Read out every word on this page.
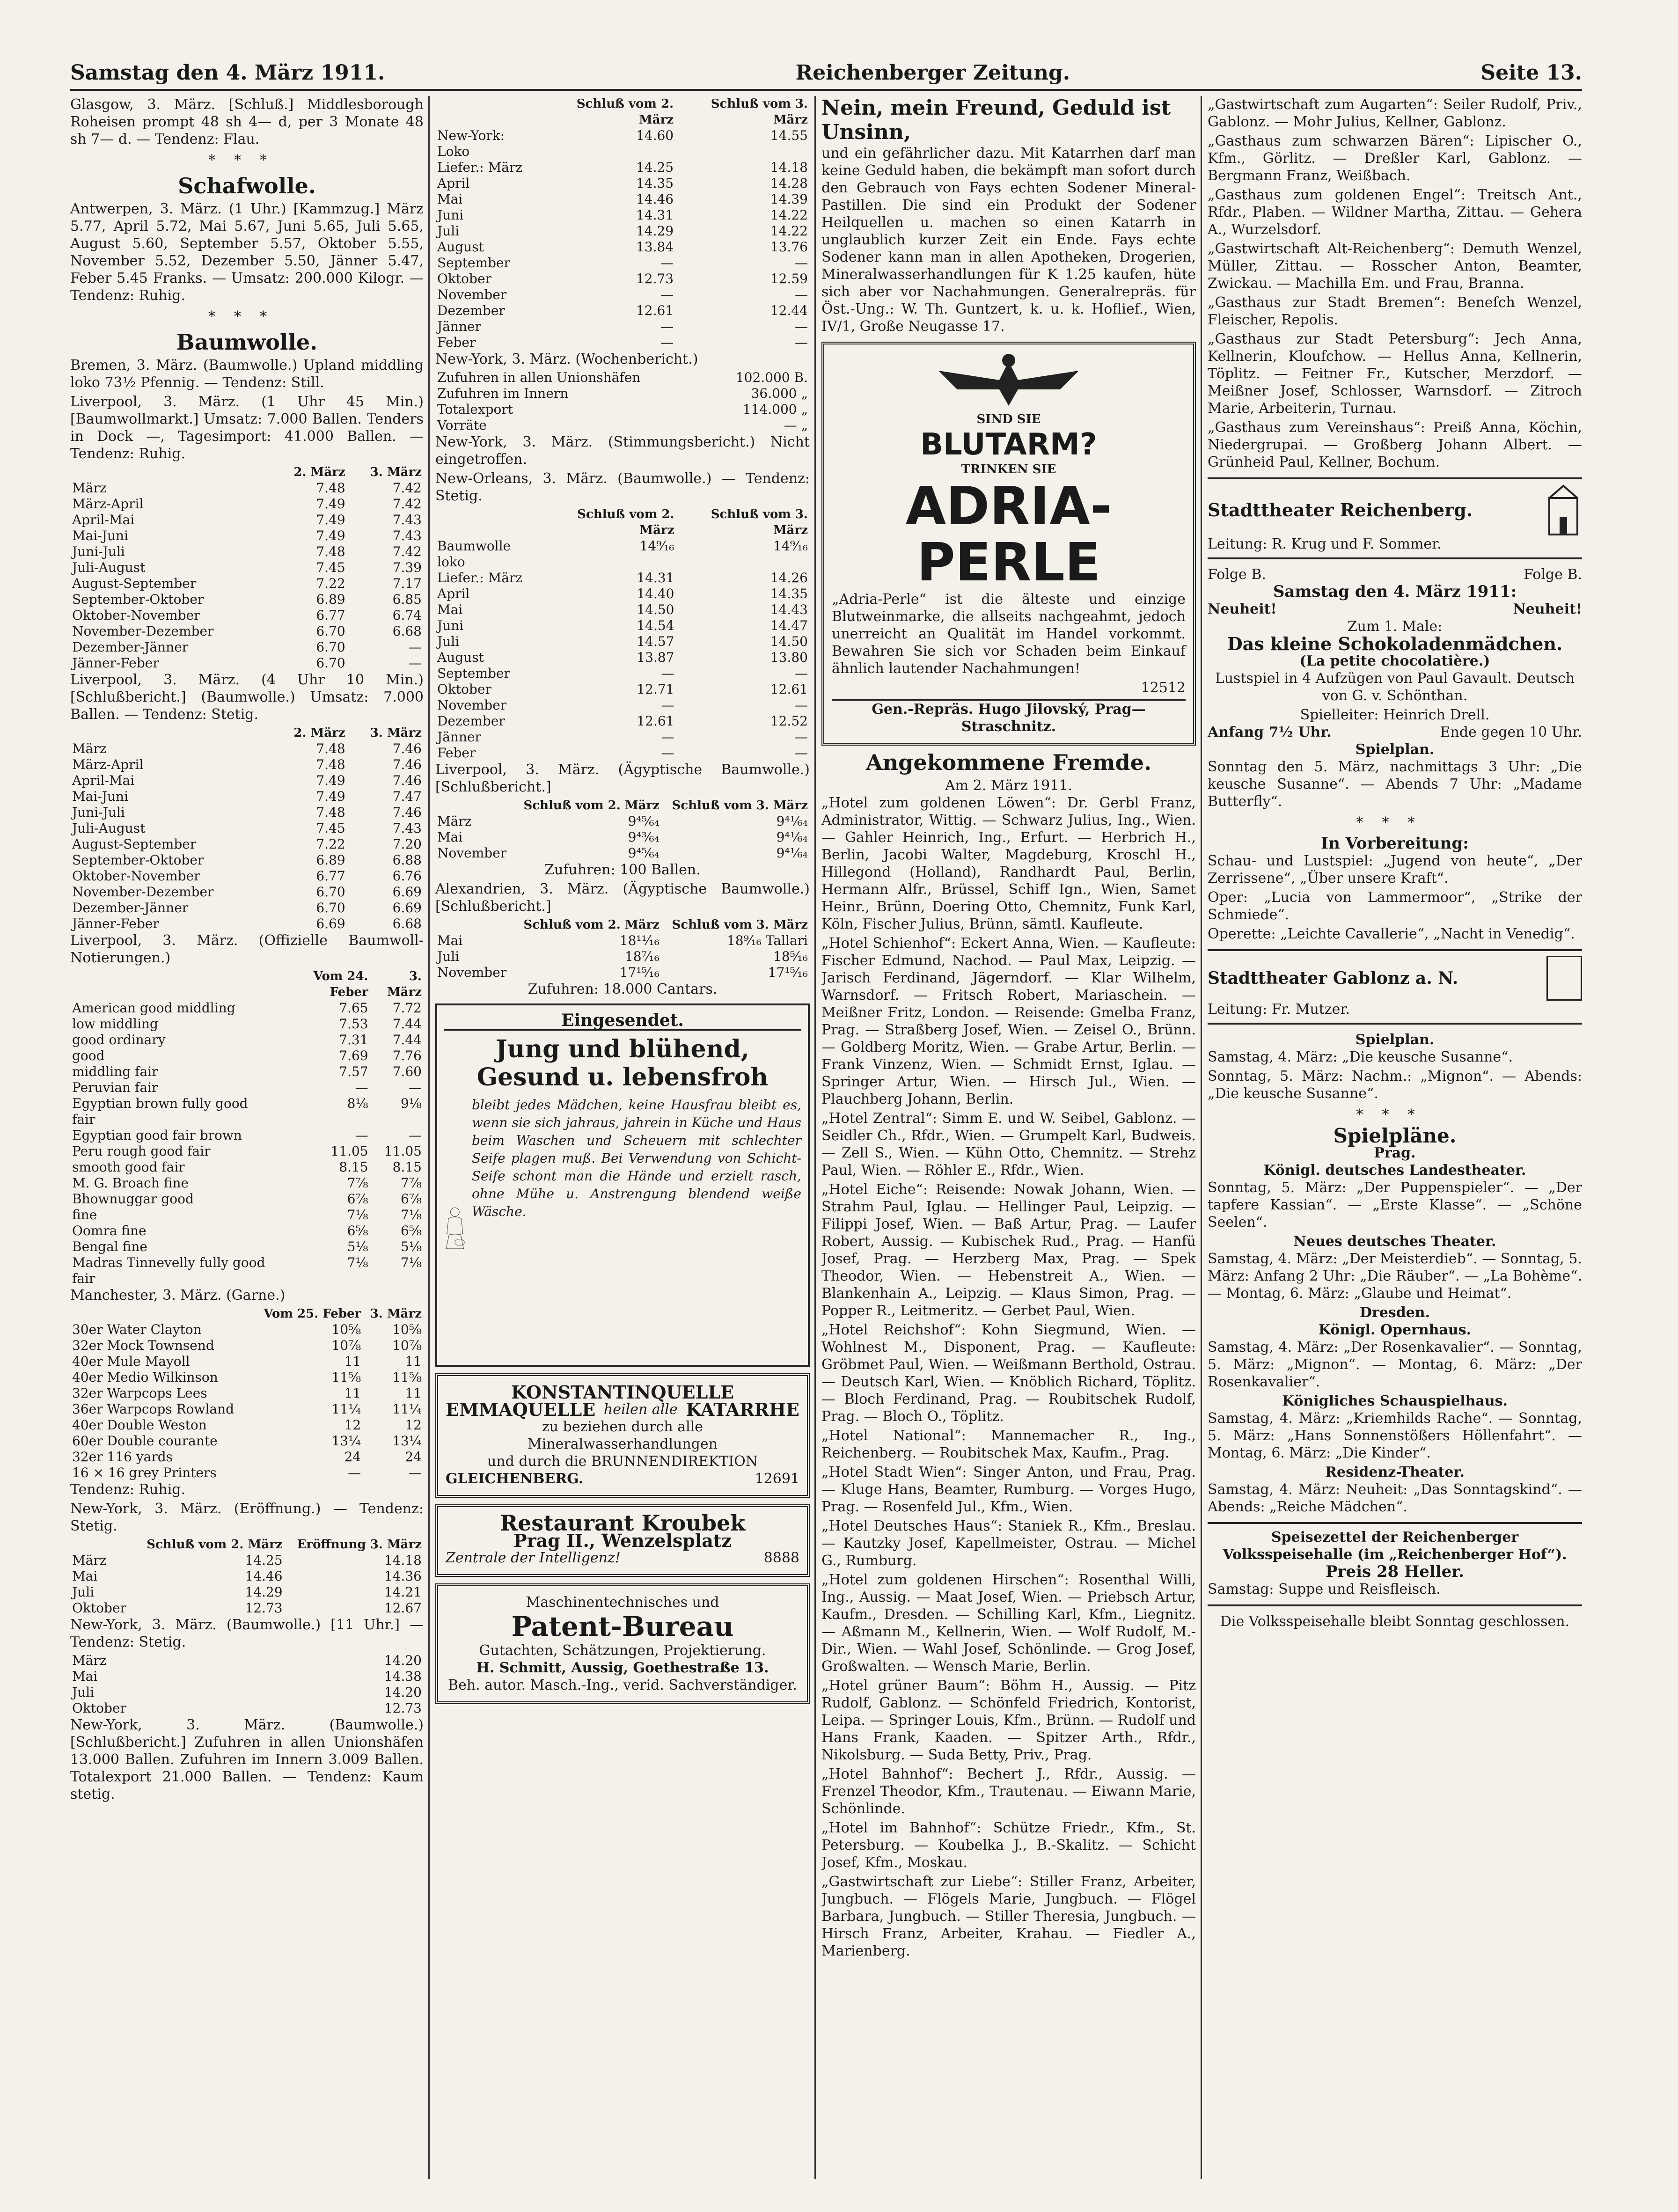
Samstag den 4. März 1911.	Reichenberger Zeitung.	Seite 13.

Glasgow, 3. März. [Schluß.] Middlesborough Roheisen prompt 48 sh 4— d, per 3 Monate 48 sh 7— d. — Tendenz: Flau.

***
Schafwolle.

Antwerpen, 3. März. (1 Uhr.) [Kammzug.] März 5.77, April 5.72, Mai 5.67, Juni 5.65, Juli 5.65, August 5.60, September 5.57, Oktober 5.55, November 5.52, Dezember 5.50, Jänner 5.47, Feber 5.45 Franks. — Umsatz: 200.000 Kilogr. — Tendenz: Ruhig.

***
Baumwolle.

Bremen, 3. März. (Baumwolle.) Upland middling loko 73½ Pfennig. — Tendenz: Still.

Liverpool, 3. März. (1 Uhr 45 Min.) [Baumwollmarkt.] Umsatz: 7.000 Ballen. Tenders in Dock —, Tagesimport: 41.000 Ballen. — Tendenz: Ruhig.

	2. März	3. März
März	7.48	7.42
März-April	7.49	7.42
April-Mai	7.49	7.43
Mai-Juni	7.49	7.43
Juni-Juli	7.48	7.42
Juli-August	7.45	7.39
August-September	7.22	7.17
September-Oktober	6.89	6.85
Oktober-November	6.77	6.74
November-Dezember	6.70	6.68
Dezember-Jänner	6.70	—
Jänner-Feber	6.70	—

Liverpool, 3. März. (4 Uhr 10 Min.) [Schlußbericht.] (Baumwolle.) Umsatz: 7.000 Ballen. — Tendenz: Stetig.

	2. März	3. März
März	7.48	7.46
März-April	7.48	7.46
April-Mai	7.49	7.46
Mai-Juni	7.49	7.47
Juni-Juli	7.48	7.46
Juli-August	7.45	7.43
August-September	7.22	7.20
September-Oktober	6.89	6.88
Oktober-November	6.77	6.76
November-Dezember	6.70	6.69
Dezember-Jänner	6.70	6.69
Jänner-Feber	6.69	6.68

Liverpool, 3. März. (Offizielle Baumwoll-Notierungen.)

	Vom 24. Feber	3. März
American good middling	7.65	7.72
low middling	7.53	7.44
good ordinary	7.31	7.44
good	7.69	7.76
middling fair	7.57	7.60
Peruvian fair	—	—
Egyptian brown fully good fair	8⅛	9⅛
Egyptian good fair brown	—	—
Peru rough good fair	11.05	11.05
smooth good fair	8.15	8.15
M. G. Broach fine	7⅞	7⅞
Bhownuggar good	6⅞	6⅞
fine	7⅛	7⅛
Oomra fine	6⅝	6⅝
Bengal fine	5⅛	5⅛
Madras Tinnevelly fully good fair	7⅛	7⅛

Manchester, 3. März. (Garne.)

	Vom 25. Feber	3. März
30er Water Clayton	10⅝	10⅝
32er Mock Townsend	10⅞	10⅞
40er Mule Mayoll	11	11
40er Medio Wilkinson	11⅝	11⅝
32er Warpcops Lees	11	11
36er Warpcops Rowland	11¼	11¼
40er Double Weston	12	12
60er Double courante	13¼	13¼
32er 116 yards	24	24
16 × 16 grey Printers	—	—

Tendenz: Ruhig.

New-York, 3. März. (Eröffnung.) — Tendenz: Stetig.

	Schluß vom 2. März	Eröffnung 3. März
März	14.25	14.18
Mai	14.46	14.36
Juli	14.29	14.21
Oktober	12.73	12.67

New-York, 3. März. (Baumwolle.) [11 Uhr.] — Tendenz: Stetig.

März	14.20
Mai	14.38
Juli	14.20
Oktober	12.73

New-York, 3. März. (Baumwolle.) [Schlußbericht.] Zufuhren in allen Unionshäfen 13.000 Ballen. Zufuhren im Innern 3.009 Ballen. Totalexport 21.000 Ballen. — Tendenz: Kaum stetig.

	Schluß vom 2. März	Schluß vom 3. März
New-York: Loko	14.60	14.55
Liefer.: März	14.25	14.18
April	14.35	14.28
Mai	14.46	14.39
Juni	14.31	14.22
Juli	14.29	14.22
August	13.84	13.76
September	—	—
Oktober	12.73	12.59
November	—	—
Dezember	12.61	12.44
Jänner	—	—
Feber	—	—

New-York, 3. März. (Wochenbericht.)

Zufuhren in allen Unionshäfen	102.000 B.
Zufuhren im Innern	36.000 „
Totalexport	114.000 „
Vorräte	— „

New-York, 3. März. (Stimmungsbericht.) Nicht eingetroffen.

New-Orleans, 3. März. (Baumwolle.) — Tendenz: Stetig.

	Schluß vom 2. März	Schluß vom 3. März
Baumwolle loko	14⁹⁄₁₆	14⁹⁄₁₆
Liefer.: März	14.31	14.26
April	14.40	14.35
Mai	14.50	14.43
Juni	14.54	14.47
Juli	14.57	14.50
August	13.87	13.80
September	—	—
Oktober	12.71	12.61
November	—	—
Dezember	12.61	12.52
Jänner	—	—
Feber	—	—

Liverpool, 3. März. (Ägyptische Baumwolle.) [Schlußbericht.]

	Schluß vom 2. März	Schluß vom 3. März
März	9⁴⁵⁄₆₄	9⁴¹⁄₆₄
Mai	9⁴³⁄₆₄	9⁴¹⁄₆₄
November	9⁴⁵⁄₆₄	9⁴¹⁄₆₄

Zufuhren: 100 Ballen.

Alexandrien, 3. März. (Ägyptische Baumwolle.) [Schlußbericht.]

	Schluß vom 2. März	Schluß vom 3. März
Mai	18¹¹⁄₁₆	18⁹⁄₁₆ Tallari
Juli	18⁷⁄₁₆	18⁵⁄₁₆
November	17¹⁵⁄₁₆	17¹⁵⁄₁₆

Zufuhren: 18.000 Cantars.

Eingesendet.
Jung und blühend,
Gesund u. lebensfroh

bleibt jedes Mädchen, keine Hausfrau bleibt es, wenn sie sich jahraus, jahrein in Küche und Haus beim Waschen und Scheuern mit schlechter Seife plagen muß. Bei Verwendung von Schicht-Seife schont man die Hände und erzielt rasch, ohne Mühe u. Anstrengung blendend weiße Wäsche.

KONSTANTINQUELLE
EMMAQUELLE heilen alle KATARRHE
zu beziehen durch alle Mineralwasserhandlungen
und durch die BRUNNENDIREKTION
GLEICHENBERG.	12691
Restaurant Kroubek
Prag II., Wenzelsplatz
Zentrale der Intelligenz!	8888
Maschinentechnisches und
Patent-Bureau
Gutachten, Schätzungen, Projektierung.
H. Schmitt, Aussig, Goethestraße 13.
Beh. autor. Masch.-Ing., verid. Sachverständiger.
Nein, mein Freund, Geduld ist Unsinn,

und ein gefährlicher dazu. Mit Katarrhen darf man keine Geduld haben, die bekämpft man sofort durch den Gebrauch von Fays echten Sodener Mineral-Pastillen. Die sind ein Produkt der Sodener Heilquellen u. machen so einen Katarrh in unglaublich kurzer Zeit ein Ende. Fays echte Sodener kann man in allen Apotheken, Drogerien, Mineralwasserhandlungen für K 1.25 kaufen, hüte sich aber vor Nachahmungen. Generalrepräs. für Öst.-Ung.: W. Th. Guntzert, k. u. k. Hoflief., Wien, IV/1, Große Neugasse 17.

SIND SIE
BLUTARM?
TRINKEN SIE
ADRIA-PERLE

„Adria-Perle“ ist die älteste und einzige Blutweinmarke, die allseits nachgeahmt, jedoch unerreicht an Qualität im Handel vorkommt. Bewahren Sie sich vor Schaden beim Einkauf ähnlich lautender Nachahmungen!

12512
Gen.-Repräs. Hugo Jilovský, Prag—Straschnitz.
Angekommene Fremde.
Am 2. März 1911.

„Hotel zum goldenen Löwen“: Dr. Gerbl Franz, Administrator, Wittig. — Schwarz Julius, Ing., Wien. — Gahler Heinrich, Ing., Erfurt. — Herbrich H., Berlin, Jacobi Walter, Magdeburg, Kroschl H., Hillegond (Holland), Randhardt Paul, Berlin, Hermann Alfr., Brüssel, Schiff Ign., Wien, Samet Heinr., Brünn, Doering Otto, Chemnitz, Funk Karl, Köln, Fischer Julius, Brünn, sämtl. Kaufleute.

„Hotel Schienhof“: Eckert Anna, Wien. — Kaufleute: Fischer Edmund, Nachod. — Paul Max, Leipzig. — Jarisch Ferdinand, Jägerndorf. — Klar Wilhelm, Warnsdorf. — Fritsch Robert, Mariaschein. — Meißner Fritz, London. — Reisende: Gmelba Franz, Prag. — Straßberg Josef, Wien. — Zeisel O., Brünn. — Goldberg Moritz, Wien. — Grabe Artur, Berlin. — Frank Vinzenz, Wien. — Schmidt Ernst, Iglau. — Springer Artur, Wien. — Hirsch Jul., Wien. — Plauchberg Johann, Berlin.

„Hotel Zentral“: Simm E. und W. Seibel, Gablonz. — Seidler Ch., Rfdr., Wien. — Grumpelt Karl, Budweis. — Zell S., Wien. — Kühn Otto, Chemnitz. — Strehz Paul, Wien. — Röhler E., Rfdr., Wien.

„Hotel Eiche“: Reisende: Nowak Johann, Wien. — Strahm Paul, Iglau. — Hellinger Paul, Leipzig. — Filippi Josef, Wien. — Baß Artur, Prag. — Laufer Robert, Aussig. — Kubischek Rud., Prag. — Hanfü Josef, Prag. — Herzberg Max, Prag. — Spek Theodor, Wien. — Hebenstreit A., Wien. — Blankenhain A., Leipzig. — Klaus Simon, Prag. — Popper R., Leitmeritz. — Gerbet Paul, Wien.

„Hotel Reichshof“: Kohn Siegmund, Wien. — Wohlnest M., Disponent, Prag. — Kaufleute: Gröbmet Paul, Wien. — Weißmann Berthold, Ostrau. — Deutsch Karl, Wien. — Knöblich Richard, Töplitz. — Bloch Ferdinand, Prag. — Roubitschek Rudolf, Prag. — Bloch O., Töplitz.

„Hotel National“: Mannemacher R., Ing., Reichenberg. — Roubitschek Max, Kaufm., Prag.

„Hotel Stadt Wien“: Singer Anton, und Frau, Prag. — Kluge Hans, Beamter, Rumburg. — Vorges Hugo, Prag. — Rosenfeld Jul., Kfm., Wien.

„Hotel Deutsches Haus“: Staniek R., Kfm., Breslau. — Kautzky Josef, Kapellmeister, Ostrau. — Michel G., Rumburg.

„Hotel zum goldenen Hirschen“: Rosenthal Willi, Ing., Aussig. — Maat Josef, Wien. — Priebsch Artur, Kaufm., Dresden. — Schilling Karl, Kfm., Liegnitz. — Aßmann M., Kellnerin, Wien. — Wolf Rudolf, M.-Dir., Wien. — Wahl Josef, Schönlinde. — Grog Josef, Großwalten. — Wensch Marie, Berlin.

„Hotel grüner Baum“: Böhm H., Aussig. — Pitz Rudolf, Gablonz. — Schönfeld Friedrich, Kontorist, Leipa. — Springer Louis, Kfm., Brünn. — Rudolf und Hans Frank, Kaaden. — Spitzer Arth., Rfdr., Nikolsburg. — Suda Betty, Priv., Prag.

„Hotel Bahnhof“: Bechert J., Rfdr., Aussig. — Frenzel Theodor, Kfm., Trautenau. — Eiwann Marie, Schönlinde.

„Hotel im Bahnhof“: Schütze Friedr., Kfm., St. Petersburg. — Koubelka J., B.-Skalitz. — Schicht Josef, Kfm., Moskau.

„Gastwirtschaft zur Liebe“: Stiller Franz, Arbeiter, Jungbuch. — Flögels Marie, Jungbuch. — Flögel Barbara, Jungbuch. — Stiller Theresia, Jungbuch. — Hirsch Franz, Arbeiter, Krahau. — Fiedler A., Marienberg.

„Gastwirtschaft zum Augarten“: Seiler Rudolf, Priv., Gablonz. — Mohr Julius, Kellner, Gablonz.

„Gasthaus zum schwarzen Bären“: Lipischer O., Kfm., Görlitz. — Dreßler Karl, Gablonz. — Bergmann Franz, Weißbach.

„Gasthaus zum goldenen Engel“: Treitsch Ant., Rfdr., Plaben. — Wildner Martha, Zittau. — Gehera A., Wurzelsdorf.

„Gastwirtschaft Alt-Reichenberg“: Demuth Wenzel, Müller, Zittau. — Rosscher Anton, Beamter, Zwickau. — Machilla Em. und Frau, Branna.

„Gasthaus zur Stadt Bremen“: Beneſch Wenzel, Fleischer, Repolis.

„Gasthaus zur Stadt Petersburg“: Jech Anna, Kellnerin, Kloufchow. — Hellus Anna, Kellnerin, Töplitz. — Feitner Fr., Kutscher, Merzdorf. — Meißner Josef, Schlosser, Warnsdorf. — Zitroch Marie, Arbeiterin, Turnau.

„Gasthaus zum Vereinshaus“: Preiß Anna, Köchin, Niedergrupai. — Großberg Johann Albert. — Grünheid Paul, Kellner, Bochum.

Stadttheater Reichenberg.
Leitung: R. Krug und F. Sommer.
Folge B.	Folge B.
Samstag den 4. März 1911:
Neuheit!	Neuheit!
Zum 1. Male:
Das kleine Schokoladenmädchen.
(La petite chocolatière.)

Lustspiel in 4 Aufzügen von Paul Gavault. Deutsch von G. v. Schönthan.

Spielleiter: Heinrich Drell.
Anfang 7½ Uhr.	Ende gegen 10 Uhr.
Spielplan.

Sonntag den 5. März, nachmittags 3 Uhr: „Die keusche Susanne“. — Abends 7 Uhr: „Madame Butterfly“.

***
In Vorbereitung:

Schau- und Lustspiel: „Jugend von heute“, „Der Zerrissene“, „Über unsere Kraft“.

Oper: „Lucia von Lammermoor“, „Strike der Schmiede“.

Operette: „Leichte Cavallerie“, „Nacht in Venedig“.

Stadttheater Gablonz a. N.
Leitung: Fr. Mutzer.
Spielplan.

Samstag, 4. März: „Die keusche Susanne“.

Sonntag, 5. März: Nachm.: „Mignon“. — Abends: „Die keusche Susanne“.

***
Spielpläne.
Prag.
Königl. deutsches Landestheater.

Sonntag, 5. März: „Der Puppenspieler“. — „Der tapfere Kassian“. — „Erste Klasse“. — „Schöne Seelen“.

Neues deutsches Theater.

Samstag, 4. März: „Der Meisterdieb“. — Sonntag, 5. März: Anfang 2 Uhr: „Die Räuber“. — „La Bohème“. — Montag, 6. März: „Glaube und Heimat“.

Dresden.
Königl. Opernhaus.

Samstag, 4. März: „Der Rosenkavalier“. — Sonntag, 5. März: „Mignon“. — Montag, 6. März: „Der Rosenkavalier“.

Königliches Schauspielhaus.

Samstag, 4. März: „Kriemhilds Rache“. — Sonntag, 5. März: „Hans Sonnenstößers Höllenfahrt“. — Montag, 6. März: „Die Kinder“.

Residenz-Theater.

Samstag, 4. März: Neuheit: „Das Sonntagskind“. — Abends: „Reiche Mädchen“.

Speisezettel der Reichenberger Volksspeisehalle (im „Reichenberger Hof“).
Preis 28 Heller.

Samstag: Suppe und Reisfleisch.

Die Volksspeisehalle bleibt Sonntag geschlossen.
